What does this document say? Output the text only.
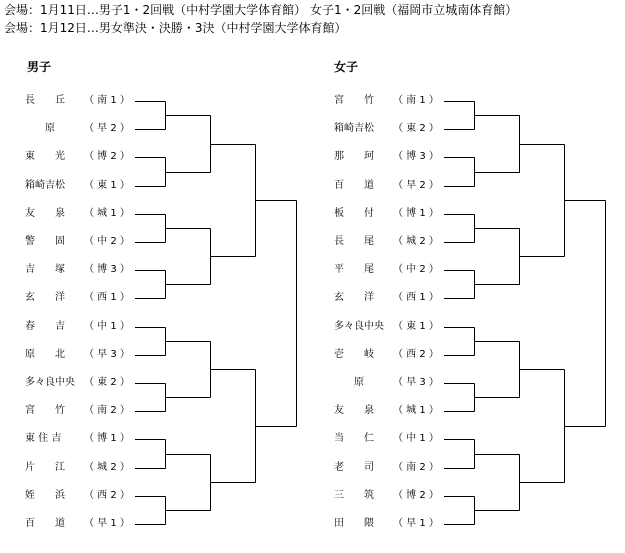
会場：1月11日…男子1・2回戦（中村学園大学体育館） 女子1・2回戦（福岡市立城南体育館）
会場：1月12日…男女準決・決勝・3決（中村学園大学体育館）
男子	女子
長　　丘 （ 南 1 ）
　　原	（ 早 2 ）
東　　光 （ 博 2 ）
箱崎吉松 （ 東 1 ）
友　　泉 （ 城 1 ）
警　　固 （ 中 2 ）
吉　　塚 （ 博 3 ）
玄　　洋 （ 西 1 ）
春　　吉 （ 中 1 ）
原　　北 （ 早 3 ）
多々良中央 （ 東 2 ）
宮　　竹 （ 南 2 ）
東 住 吉 （ 博 1 ）
片　　江 （ 城 2 ）
姪　　浜 （ 西 2 ）
百　　道 （ 早 1 ）
宮　　竹 （ 南 1 ）
箱崎吉松 （ 東 2 ）
那　　珂 （ 博 3 ）
百　　道 （ 早 2 ）
板　　付 （ 博 1 ）
長　　尾 （ 城 2 ）
平　　尾 （ 中 2 ）
玄　　洋 （ 西 1 ）
多々良中央 （ 東 1 ）
壱　　岐 （ 西 2 ）
　　原	（ 早 3 ）
友　　泉 （ 城 1 ）
当　　仁 （ 中 1 ）
老　　司 （ 南 2 ）
三　　筑 （ 博 2 ）
田　　隈 （ 早 1 ）
